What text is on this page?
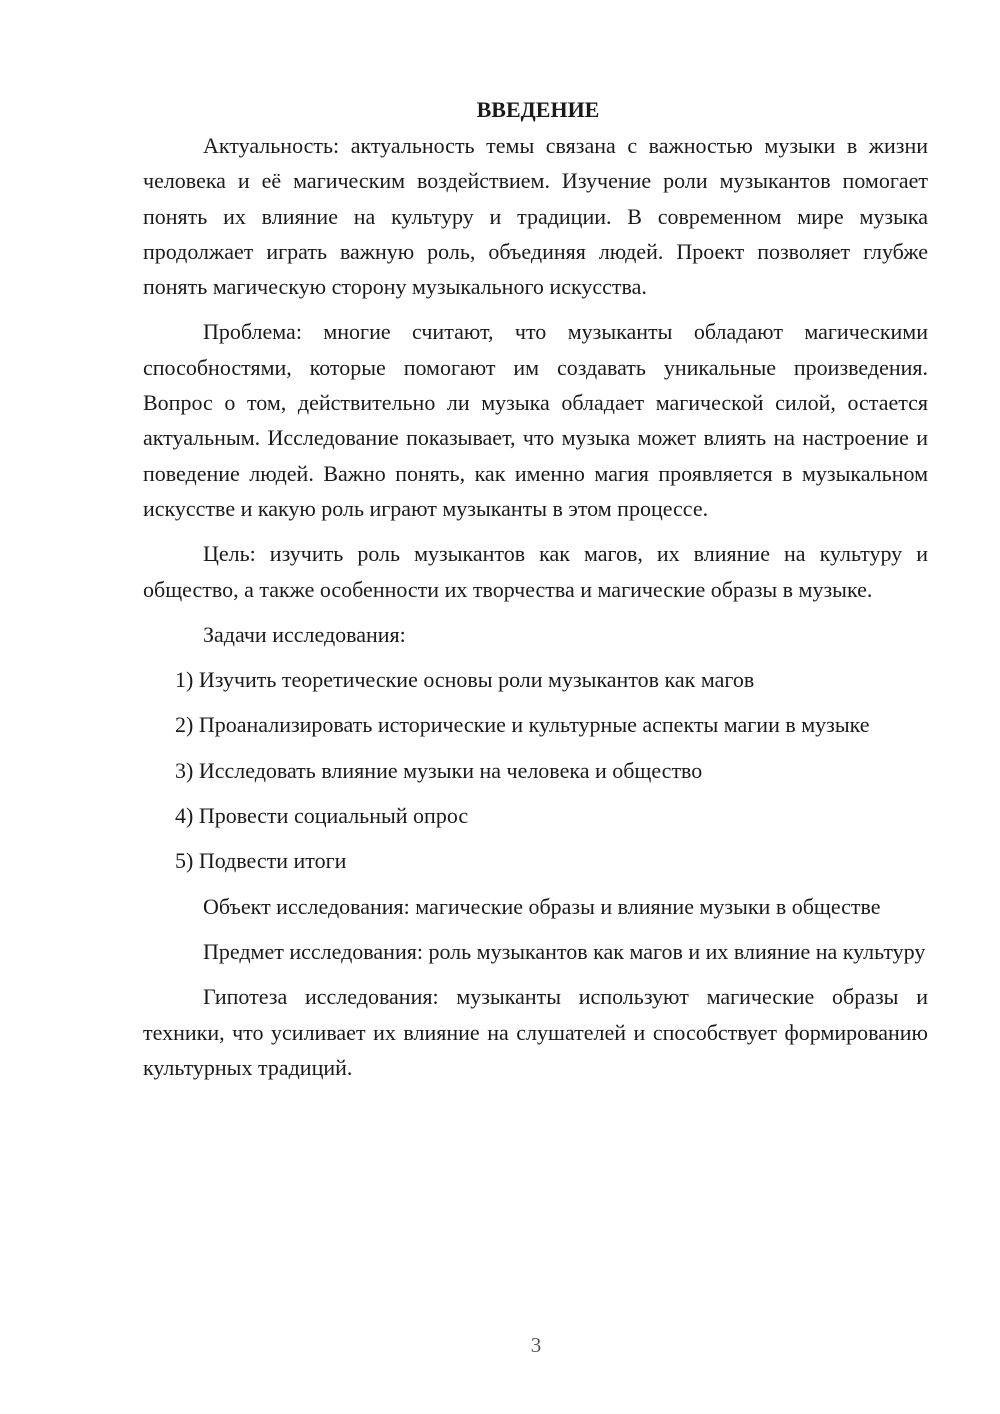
ВВЕДЕНИЕ

Актуальность: актуальность темы связана с важностью музыки в жизни человека и её магическим воздействием. Изучение роли музыкантов помогает понять их влияние на культуру и традиции. В современном мире музыка продолжает играть важную роль, объединяя людей. Проект позволяет глубже понять магическую сторону музыкального искусства.

Проблема: многие считают, что музыканты обладают магическими способностями, которые помогают им создавать уникальные произведения. Вопрос о том, действительно ли музыка обладает магической силой, остается актуальным. Исследование показывает, что музыка может влиять на настроение и поведение людей. Важно понять, как именно магия проявляется в музыкальном искусстве и какую роль играют музыканты в этом процессе.

Цель: изучить роль музыкантов как магов, их влияние на культуру и общество, а также особенности их творчества и магические образы в музыке.

Задачи исследования:

1) Изучить теоретические основы роли музыкантов как магов

2) Проанализировать исторические и культурные аспекты магии в музыке

3) Исследовать влияние музыки на человека и общество

4) Провести социальный опрос

5) Подвести итоги

Объект исследования: магические образы и влияние музыки в обществе

Предмет исследования: роль музыкантов как магов и их влияние на культуру

Гипотеза исследования: музыканты используют магические образы и техники, что усиливает их влияние на слушателей и способствует формированию культурных традиций.

3
